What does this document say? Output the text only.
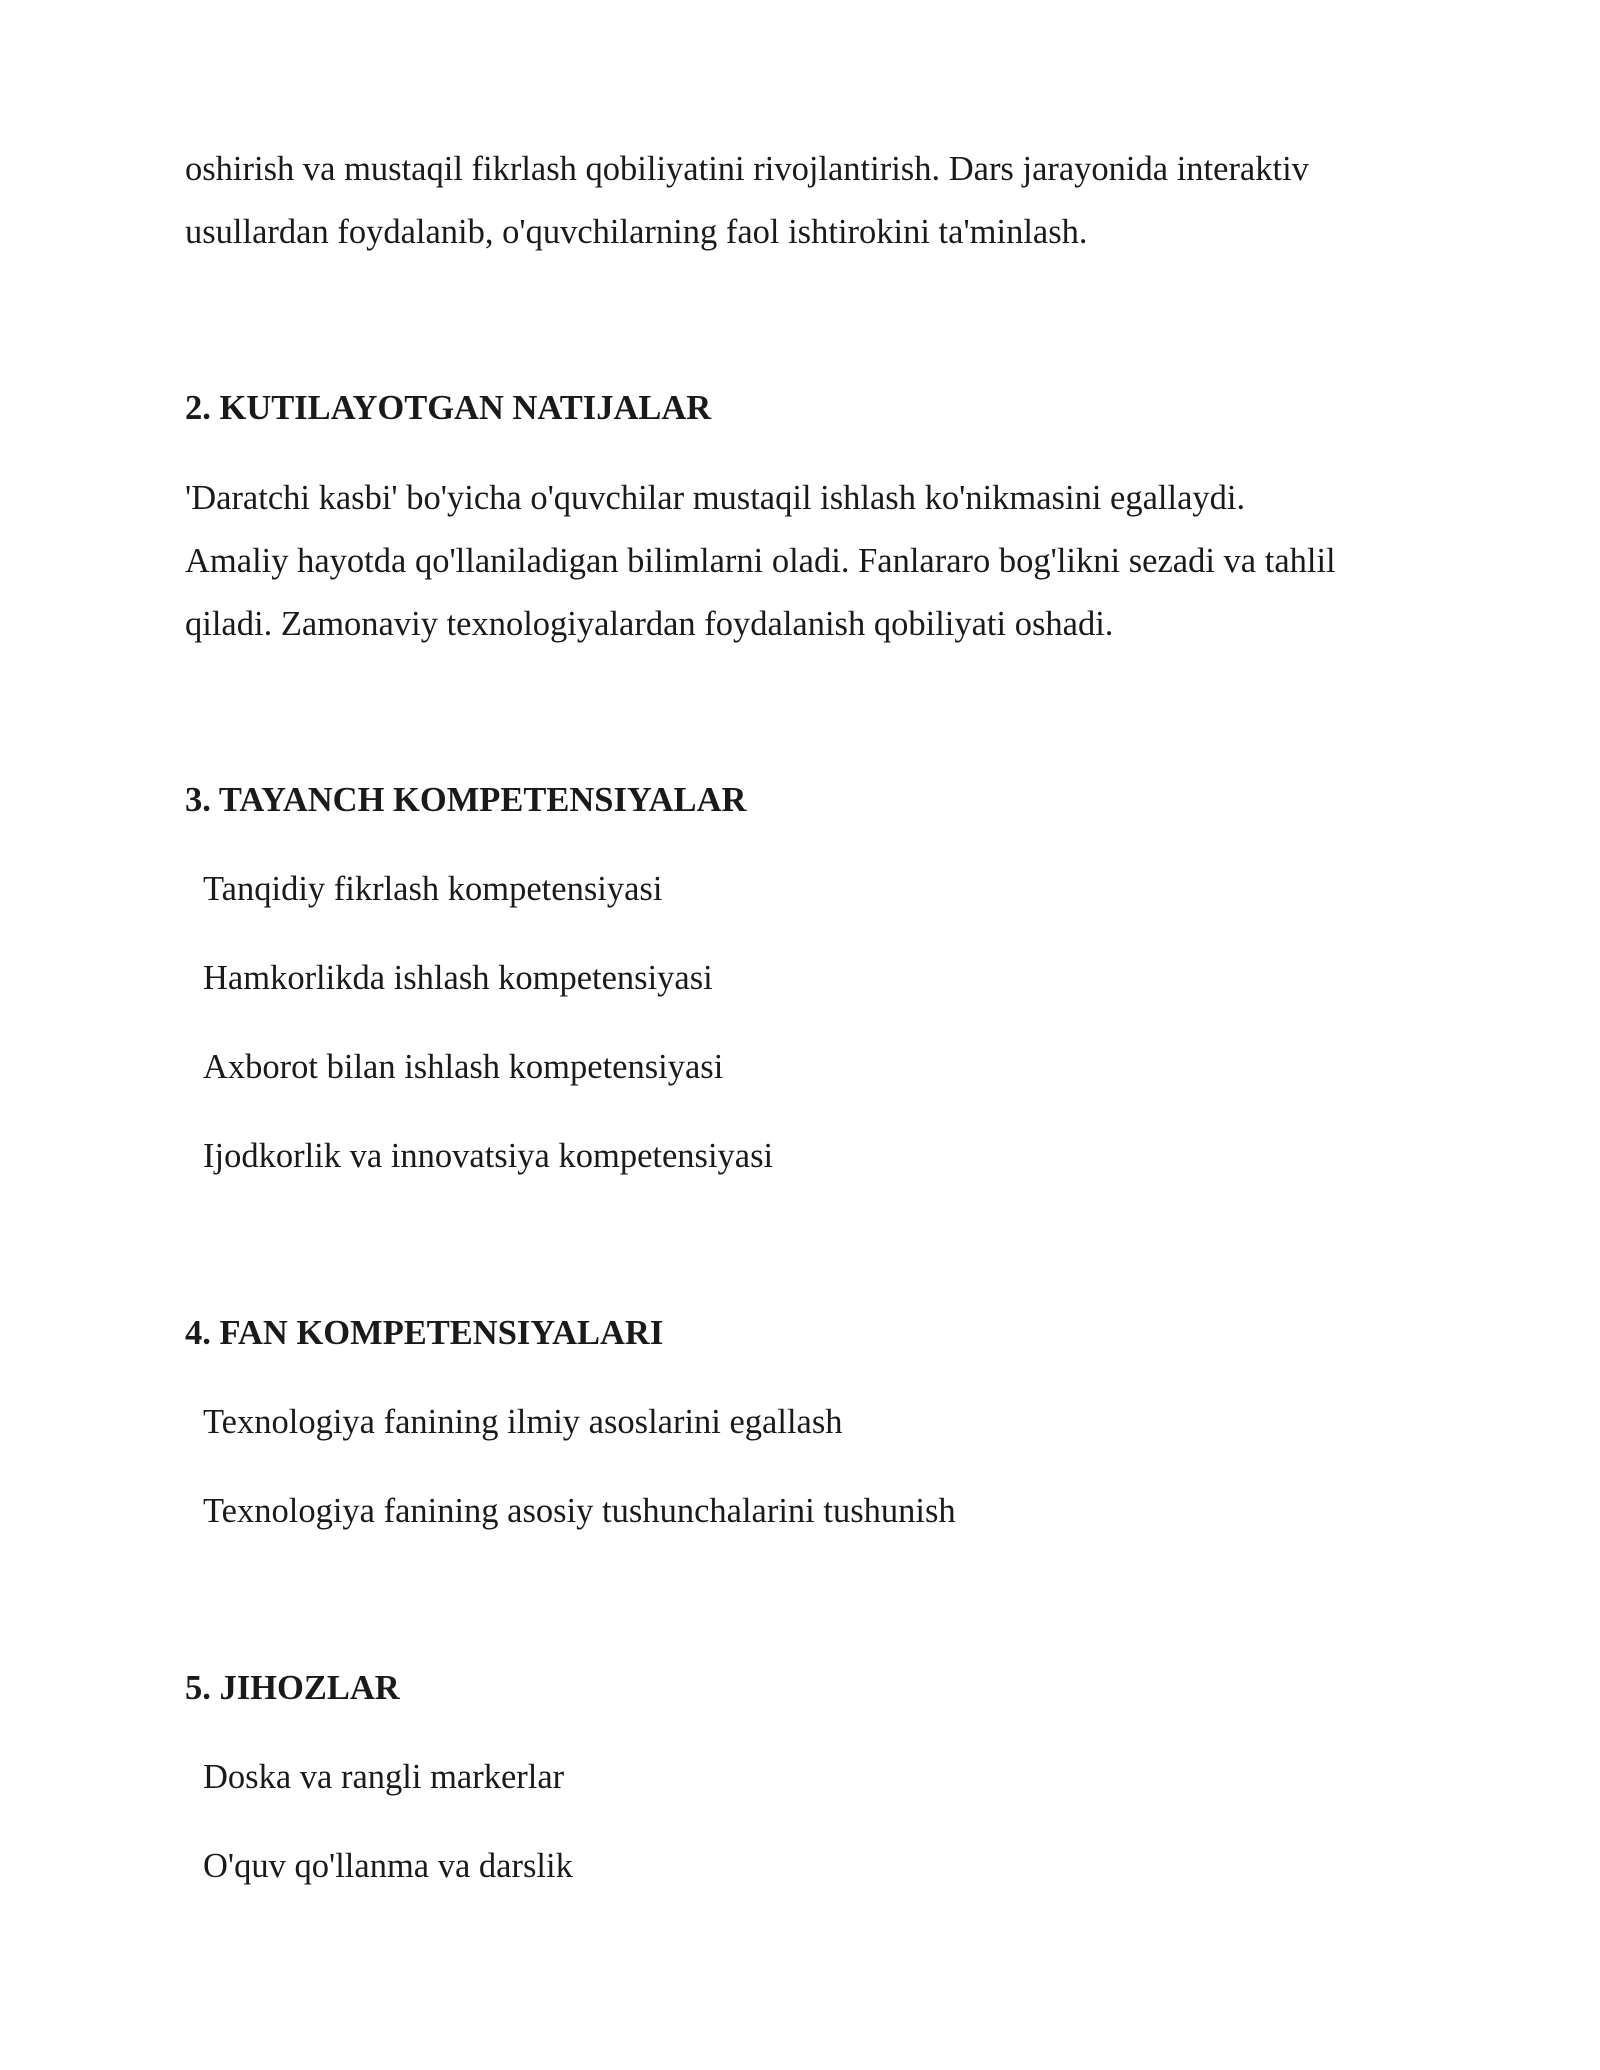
oshirish va mustaqil fikrlash qobiliyatini rivojlantirish. Dars jarayonida interaktiv
usullardan foydalanib, o'quvchilarning faol ishtirokini ta'minlash.

2. KUTILAYOTGAN NATIJALAR

'Daratchi kasbi' bo'yicha o'quvchilar mustaqil ishlash ko'nikmasini egallaydi.
Amaliy hayotda qo'llaniladigan bilimlarni oladi. Fanlararo bog'likni sezadi va tahlil
qiladi. Zamonaviy texnologiyalardan foydalanish qobiliyati oshadi.

3. TAYANCH KOMPETENSIYALAR

Tanqidiy fikrlash kompetensiyasi

Hamkorlikda ishlash kompetensiyasi

Axborot bilan ishlash kompetensiyasi

Ijodkorlik va innovatsiya kompetensiyasi

4. FAN KOMPETENSIYALARI

Texnologiya fanining ilmiy asoslarini egallash

Texnologiya fanining asosiy tushunchalarini tushunish

5. JIHOZLAR

Doska va rangli markerlar

O'quv qo'llanma va darslik
